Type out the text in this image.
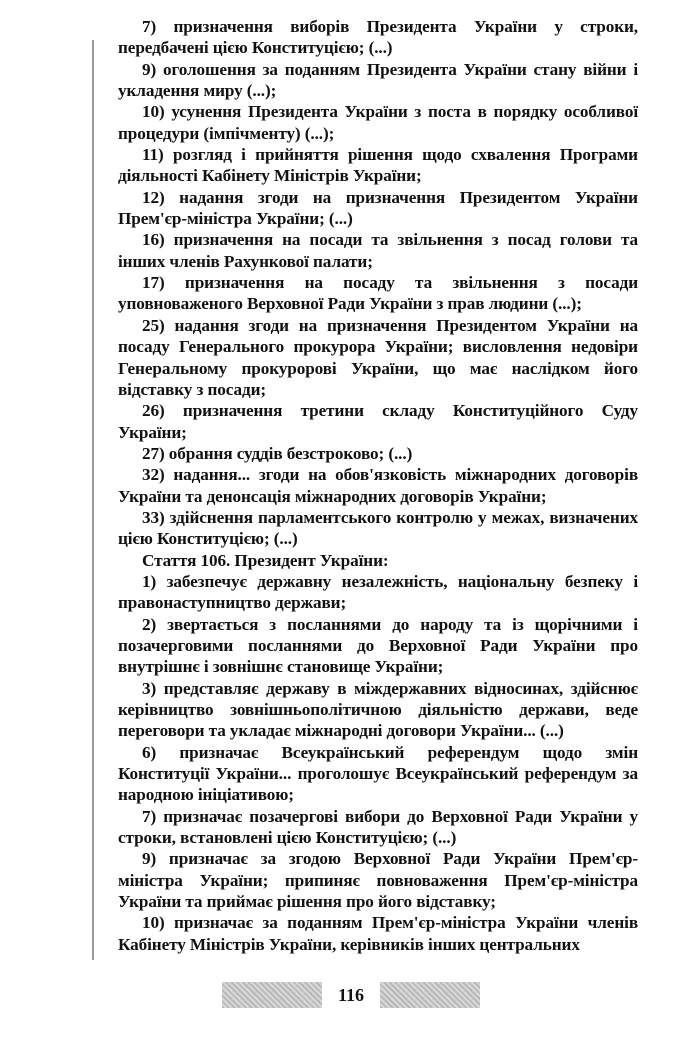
7) призначення виборів Президента України у строки, передбачені цією Конституцією; (...)

9) оголошення за поданням Президента України стану війни і укладення миру (...);

10) усунення Президента України з поста в порядку особливої процедури (імпічменту) (...);

11) розгляд і прийняття рішення щодо схвалення Програми діяльності Кабінету Міністрів України;

12) надання згоди на призначення Президентом України Прем'єр-міністра України; (...)

16) призначення на посади та звільнення з посад голови та інших членів Рахункової палати;

17) призначення на посаду та звільнення з посади уповноваженого Верховної Ради України з прав людини (...);

25) надання згоди на призначення Президентом України на посаду Генерального прокурора України; висловлення недовіри Генеральному прокуророві України, що має наслідком його відставку з посади;

26) призначення третини складу Конституційного Суду України;

27) обрання суддів безстроково; (...)

32) надання... згоди на обов'язковість міжнародних договорів України та денонсація міжнародних договорів України;

33) здійснення парламентського контролю у межах, визначених цією Конституцією; (...)

Стаття 106. Президент України:

1) забезпечує державну незалежність, національну безпеку і правонаступництво держави;

2) звертається з посланнями до народу та із щорічними і позачерговими посланнями до Верховної Ради України про внутрішнє і зовнішнє становище України;

3) представляє державу в міждержавних відносинах, здійснює керівництво зовнішньополітичною діяльністю держави, веде переговори та укладає міжнародні договори України... (...)

6) призначає Всеукраїнський референдум щодо змін Конституції України... проголошує Всеукраїнський референдум за народною ініціативою;

7) призначає позачергові вибори до Верховної Ради України у строки, встановлені цією Конституцією; (...)

9) призначає за згодою Верховної Ради України Прем'єр-міністра України; припиняє повноваження Прем'єр-міністра України та приймає рішення про його відставку;

10) призначає за поданням Прем'єр-міністра України членів Кабінету Міністрів України, керівників інших центральних

116
